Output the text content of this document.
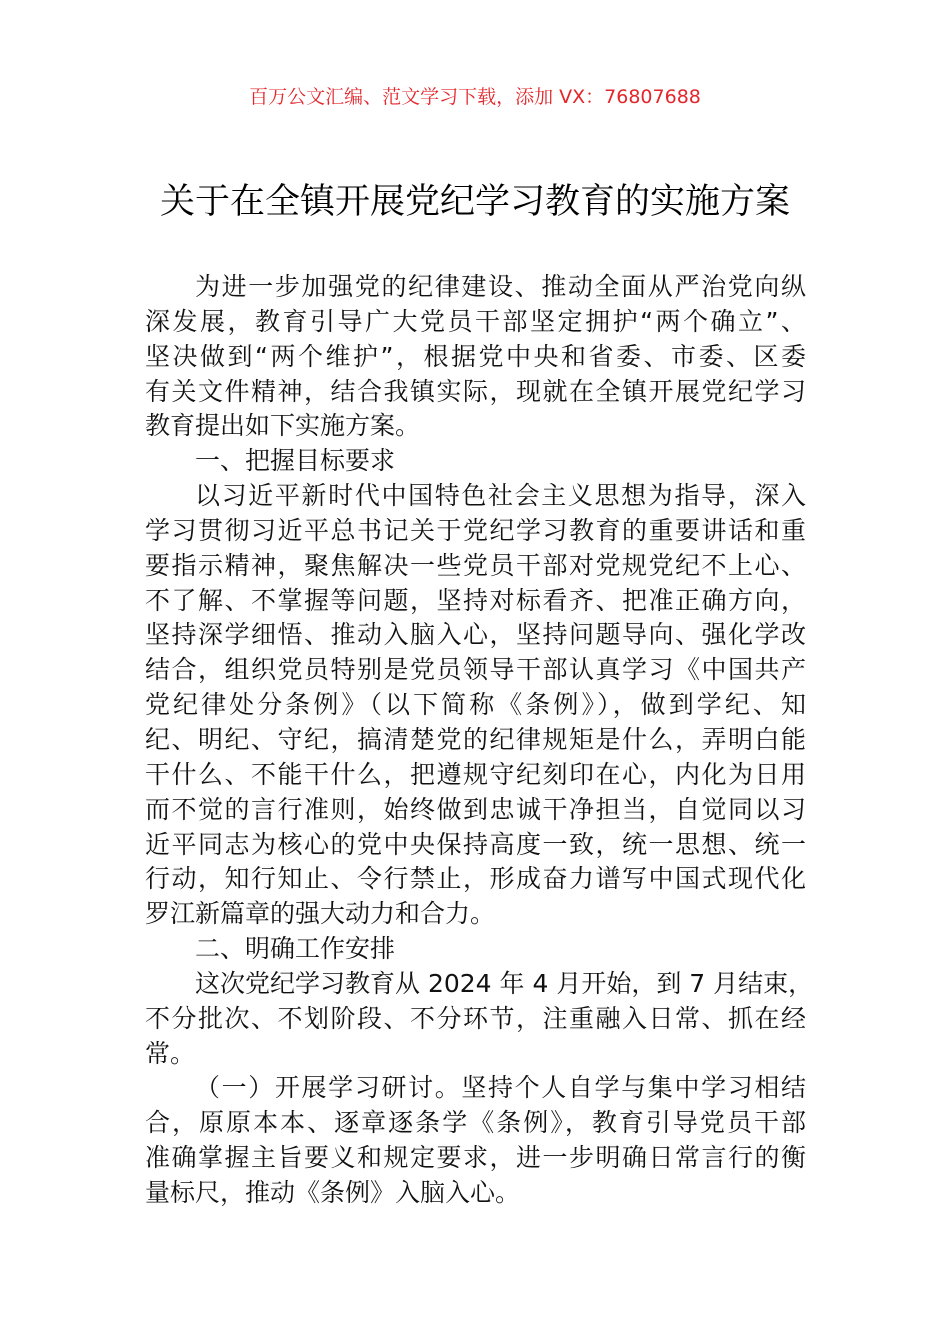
百万公文汇编、范文学习下载，添加 VX：76807688
关于在全镇开展党纪学习教育的实施方案
为进一步加强党的纪律建设、推动全面从严治党向纵
深发展，教育引导广大党员干部坚定拥护“两个确立”、
坚决做到“两个维护”，根据党中央和省委、市委、区委
有关文件精神，结合我镇实际，现就在全镇开展党纪学习
教育提出如下实施方案。
一、把握目标要求
以习近平新时代中国特色社会主义思想为指导，深入
学习贯彻习近平总书记关于党纪学习教育的重要讲话和重
要指示精神，聚焦解决一些党员干部对党规党纪不上心、
不了解、不掌握等问题，坚持对标看齐、把准正确方向，
坚持深学细悟、推动入脑入心，坚持问题导向、强化学改
结合，组织党员特别是党员领导干部认真学习《中国共产
党纪律处分条例》（以下简称《条例》），做到学纪、知
纪、明纪、守纪，搞清楚党的纪律规矩是什么，弄明白能
干什么、不能干什么，把遵规守纪刻印在心，内化为日用
而不觉的言行准则，始终做到忠诚干净担当，自觉同以习
近平同志为核心的党中央保持高度一致，统一思想、统一
行动，知行知止、令行禁止，形成奋力谱写中国式现代化
罗江新篇章的强大动力和合力。
二、明确工作安排
这次党纪学习教育从 2024 年 4 月开始，到 7 月结束，
不分批次、不划阶段、不分环节，注重融入日常、抓在经
常。
（一）开展学习研讨。坚持个人自学与集中学习相结
合，原原本本、逐章逐条学《条例》，教育引导党员干部
准确掌握主旨要义和规定要求，进一步明确日常言行的衡
量标尺，推动《条例》入脑入心。
